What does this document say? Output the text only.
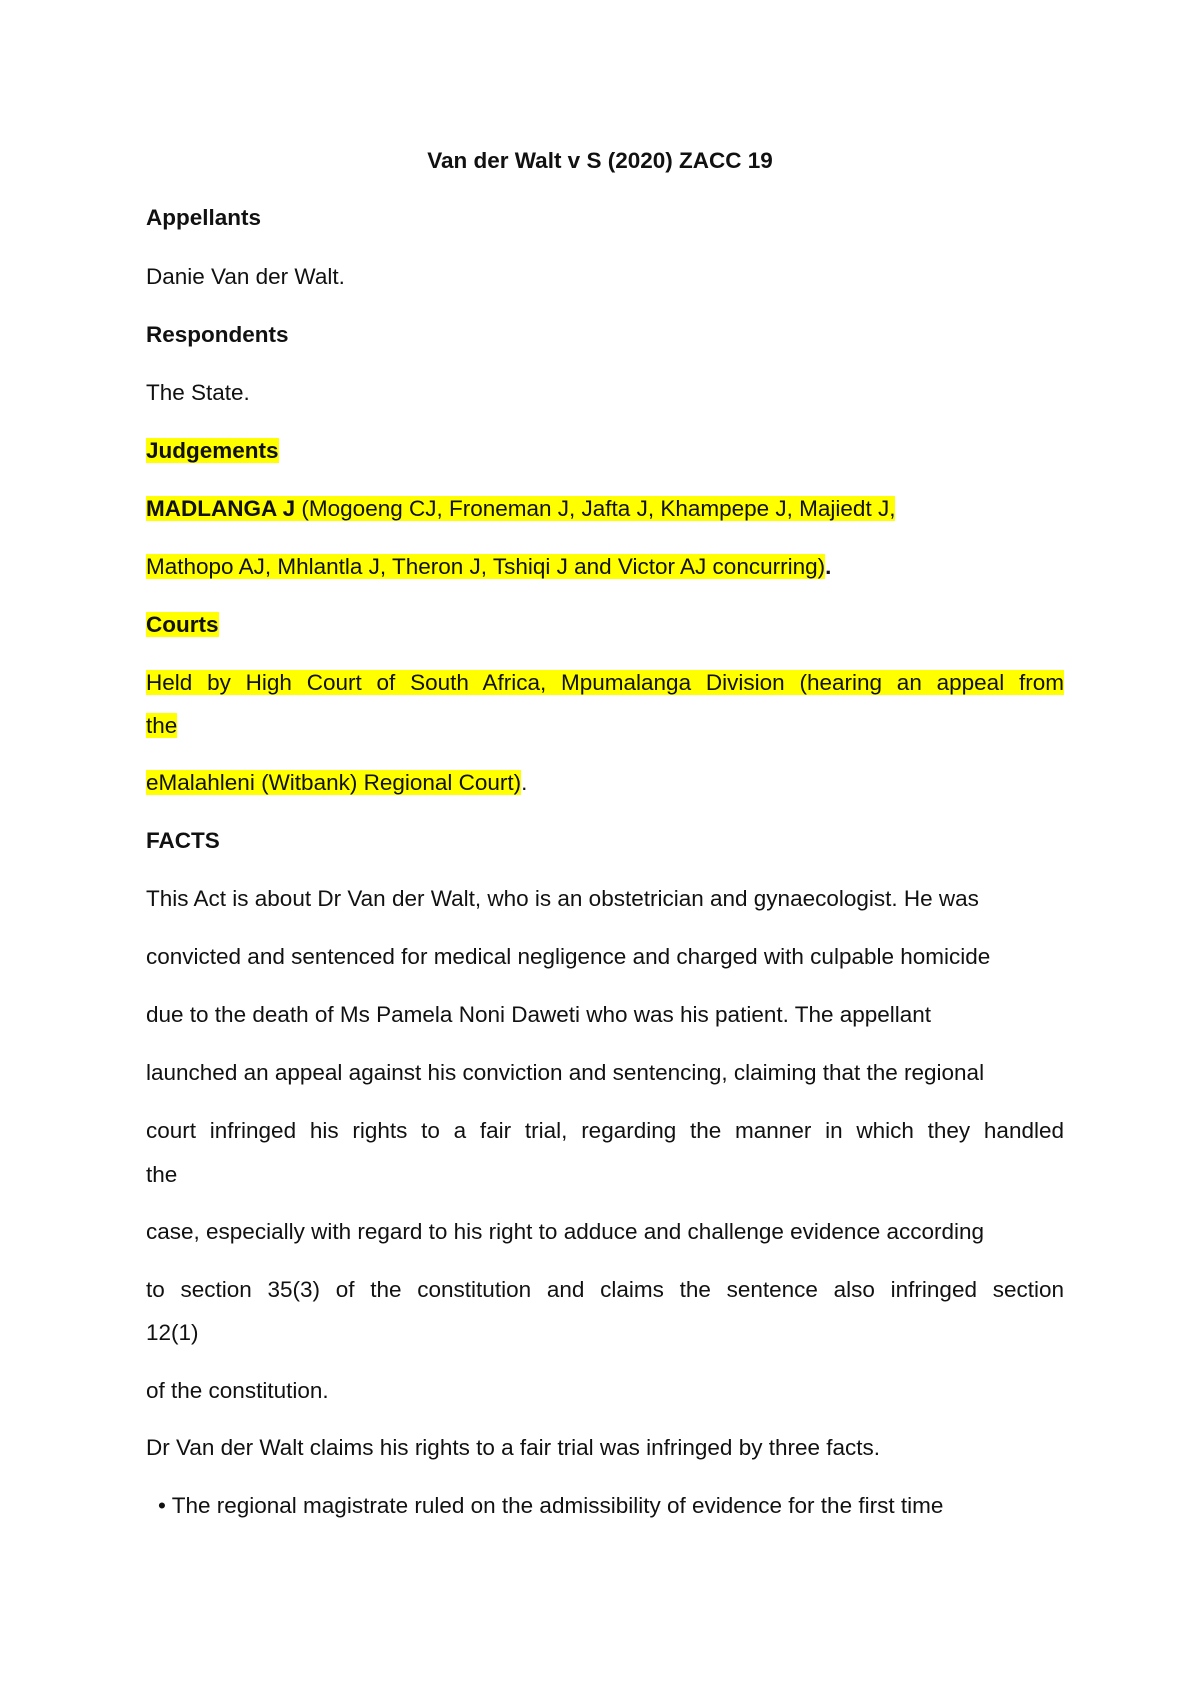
Van der Walt v S (2020) ZACC 19
Appellants
Danie Van der Walt.
Respondents
The State.
Judgements
MADLANGA J (Mogoeng CJ, Froneman J, Jafta J, Khampepe J, Majiedt J,
Mathopo AJ, Mhlantla J, Theron J, Tshiqi J and Victor AJ concurring).
Courts
Held by High Court of South Africa, Mpumalanga Division (hearing an appeal from
the
eMalahleni (Witbank) Regional Court).
FACTS
This Act is about Dr Van der Walt, who is an obstetrician and gynaecologist. He was
convicted and sentenced for medical negligence and charged with culpable homicide
due to the death of Ms Pamela Noni Daweti who was his patient. The appellant
launched an appeal against his conviction and sentencing, claiming that the regional
court infringed his rights to a fair trial, regarding the manner in which they handled
the
case, especially with regard to his right to adduce and challenge evidence according
to section 35(3) of the constitution and claims the sentence also infringed section
12(1)
of the constitution.
Dr Van der Walt claims his rights to a fair trial was infringed by three facts.
• The regional magistrate ruled on the admissibility of evidence for the first time
